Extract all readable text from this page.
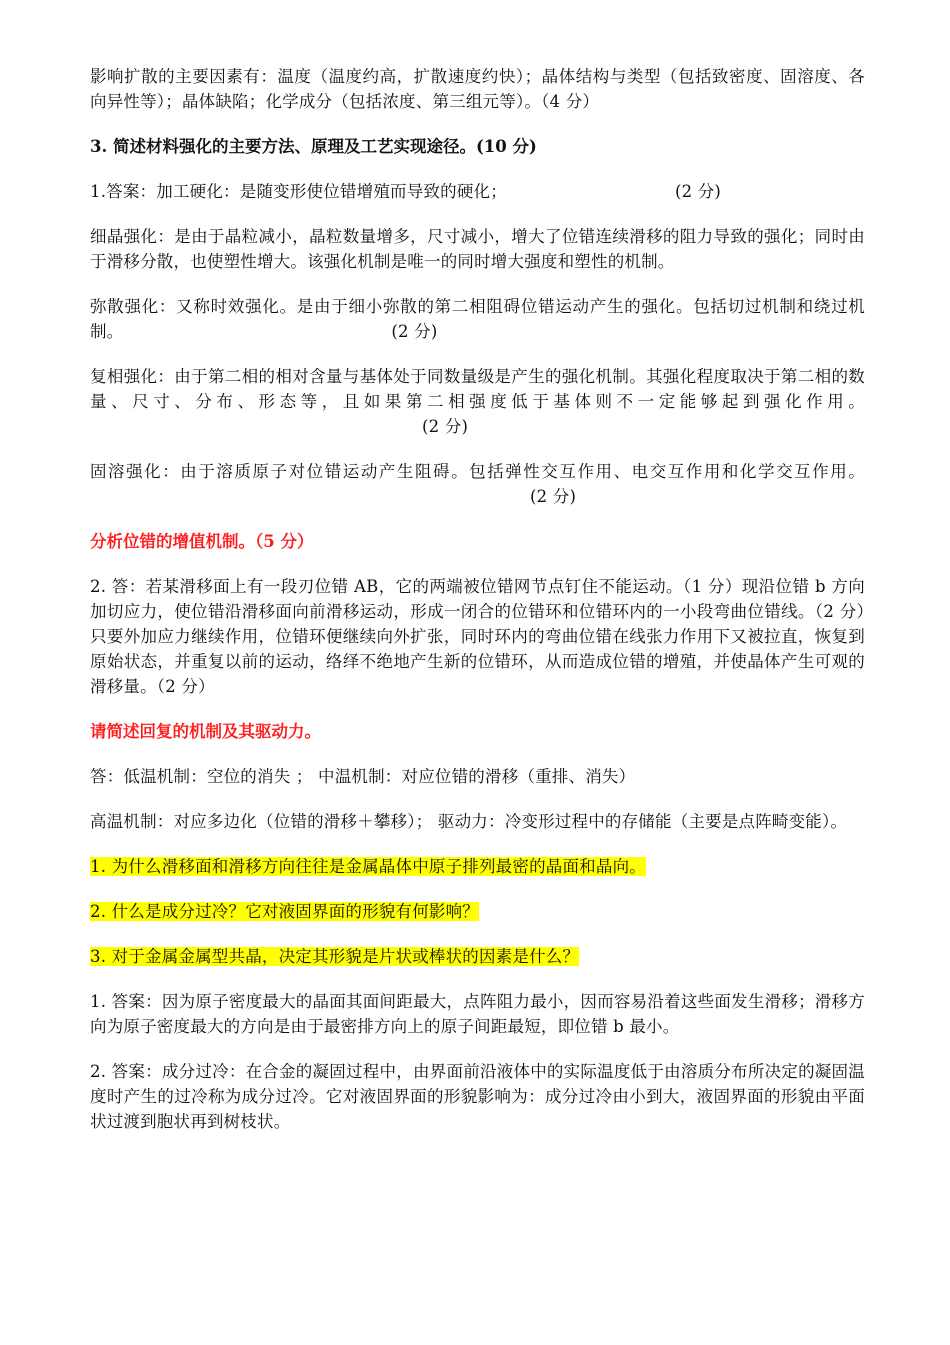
影响扩散的主要因素有：温度（温度约高，扩散速度约快）；晶体结构与类型（包括致密度、固溶度、各向异性等）；晶体缺陷；化学成分（包括浓度、第三组元等）。（4 分）

3. 简述材料强化的主要方法、原理及工艺实现途径。(10 分)

1.答案：加工硬化：是随变形使位错增殖而导致的硬化；	(2 分)

细晶强化：是由于晶粒减小，晶粒数量增多，尺寸减小，增大了位错连续滑移的阻力导致的强化；同时由于滑移分散，也使塑性增大。该强化机制是唯一的同时增大强度和塑性的机制。

弥散强化：又称时效强化。是由于细小弥散的第二相阻碍位错运动产生的强化。包括切过机制和绕过机制。	(2 分)

复相强化：由于第二相的相对含量与基体处于同数量级是产生的强化机制。其强化程度取决于第二相的数量、尺寸、分布、形态等，且如果第二相强度低于基体则不一定能够起到强化作用。(2 分)

固溶强化：由于溶质原子对位错运动产生阻碍。包括弹性交互作用、电交互作用和化学交互作用。(2 分)

分析位错的增值机制。（5 分）

2. 答：若某滑移面上有一段刃位错 AB，它的两端被位错网节点钉住不能运动。（1 分）现沿位错 b 方向加切应力，使位错沿滑移面向前滑移运动，形成一闭合的位错环和位错环内的一小段弯曲位错线。（2 分）只要外加应力继续作用，位错环便继续向外扩张，同时环内的弯曲位错在线张力作用下又被拉直，恢复到原始状态，并重复以前的运动，络绎不绝地产生新的位错环，从而造成位错的增殖，并使晶体产生可观的滑移量。（2 分）

请简述回复的机制及其驱动力。

答：低温机制：空位的消失 ； 中温机制：对应位错的滑移（重排、消失）

高温机制：对应多边化（位错的滑移＋攀移）； 驱动力：冷变形过程中的存储能（主要是点阵畸变能）。

1. 为什么滑移面和滑移方向往往是金属晶体中原子排列最密的晶面和晶向。

2. 什么是成分过冷？它对液固界面的形貌有何影响？

3. 对于金属金属型共晶，决定其形貌是片状或棒状的因素是什么？

1. 答案：因为原子密度最大的晶面其面间距最大，点阵阻力最小，因而容易沿着这些面发生滑移；滑移方向为原子密度最大的方向是由于最密排方向上的原子间距最短，即位错 b 最小。

2. 答案：成分过冷：在合金的凝固过程中，由界面前沿液体中的实际温度低于由溶质分布所决定的凝固温度时产生的过冷称为成分过冷。它对液固界面的形貌影响为：成分过冷由小到大，液固界面的形貌由平面状过渡到胞状再到树枝状。
